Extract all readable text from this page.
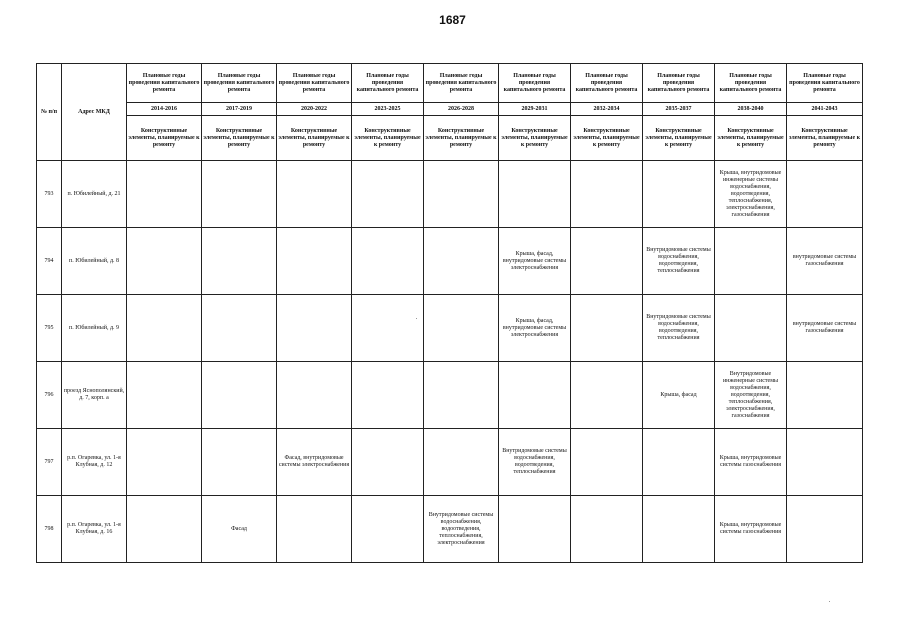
1687
№ п/п	Адрес МКД	Плановые годы проведения капитального ремонта	Плановые годы проведения капитального ремонта	Плановые годы проведения капитального ремонта	Плановые годы проведения капитального ремонта	Плановые годы проведения капитального ремонта	Плановые годы проведения капитального ремонта	Плановые годы проведения капитального ремонта	Плановые годы проведения капитального ремонта	Плановые годы проведения капитального ремонта	Плановые годы проведения капитального ремонта
		2014-2016	2017-2019	2020-2022	2023-2025	2026-2028	2029-2031	2032-2034	2035-2037	2038-2040	2041-2043
		Конструктивные элементы, планируемые к ремонту	Конструктивные элементы, планируемые к ремонту	Конструктивные элементы, планируемые к ремонту	Конструктивные элементы, планируемые к ремонту	Конструктивные элементы, планируемые к ремонту	Конструктивные элементы, планируемые к ремонту	Конструктивные элементы, планируемые к ремонту	Конструктивные элементы, планируемые к ремонту	Конструктивные элементы, планируемые к ремонту	Конструктивные элементы, планируемые к ремонту
793	п. Юбилейный, д. 21									Крыша, внутридомовые инженерные системы водоснабжения, водоотведения, теплоснабжения, электроснабжения, газоснабжения	
794	п. Юбилейный, д. 8						Крыша, фасад, внутридомовые системы электроснабжения		Внутридомовые системы водоснабжения, водоотведения, теплоснабжения		внутридомовые системы газоснабжения
795	п. Юбилейный, д. 9						Крыша, фасад, внутридомовые системы электроснабжения		Внутридомовые системы водоснабжения, водоотведения, теплоснабжения		внутридомовые системы газоснабжения
796	проезд Яснополянский, д. 7, корп. а								Крыша, фасад	Внутридомовые инженерные системы водоснабжения, водоотведения, теплоснабжения, электроснабжения, газоснабжения	
797	р.п. Огаревка, ул. 1-я Клубная, д. 12			Фасад, внутридомовые системы электроснабжения			Внутридомовые системы водоснабжения, водоотведения, теплоснабжения			Крыша, внутридомовые системы газоснабжения	
798	р.п. Огаревка, ул. 1-я Клубная, д. 16		Фасад			Внутридомовые системы водоснабжения, водоотведения, теплоснабжения, электроснабжения				Крыша, внутридомовые системы газоснабжения	
